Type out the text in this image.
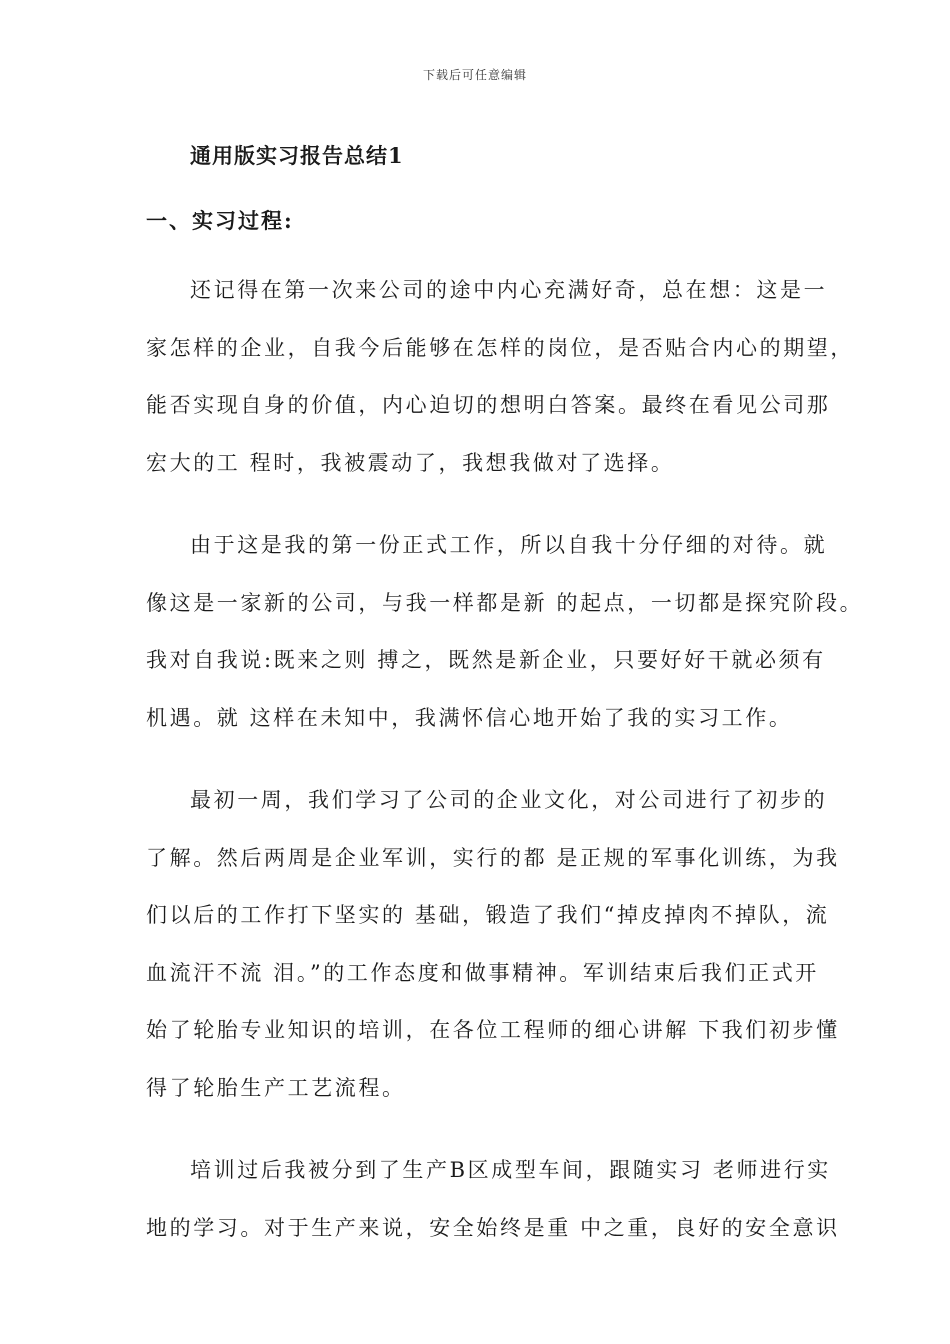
下载后可任意编辑
通用版实习报告总结1
一、实习过程:

还记得在第一次来公司的途中内心充满好奇，总在想：这是一
家怎样的企业，自我今后能够在怎样的岗位，是否贴合内心的期望，
能否实现自身的价值，内心迫切的想明白答案。最终在看见公司那
宏大的工 程时，我被震动了，我想我做对了选择。

由于这是我的第一份正式工作，所以自我十分仔细的对待。就
像这是一家新的公司，与我一样都是新 的起点，一切都是探究阶段。
我对自我说:既来之则 搏之，既然是新企业，只要好好干就必须有
机遇。就 这样在未知中，我满怀信心地开始了我的实习工作。

最初一周，我们学习了公司的企业文化，对公司进行了初步的
了解。然后两周是企业军训，实行的都 是正规的军事化训练，为我
们以后的工作打下坚实的 基础，锻造了我们“掉皮掉肉不掉队，流
血流汗不流 泪。”的工作态度和做事精神。军训结束后我们正式开
始了轮胎专业知识的培训，在各位工程师的细心讲解 下我们初步懂
得了轮胎生产工艺流程。

培训过后我被分到了生产B区成型车间，跟随实习 老师进行实
地的学习。对于生产来说，安全始终是重 中之重，良好的安全意识
